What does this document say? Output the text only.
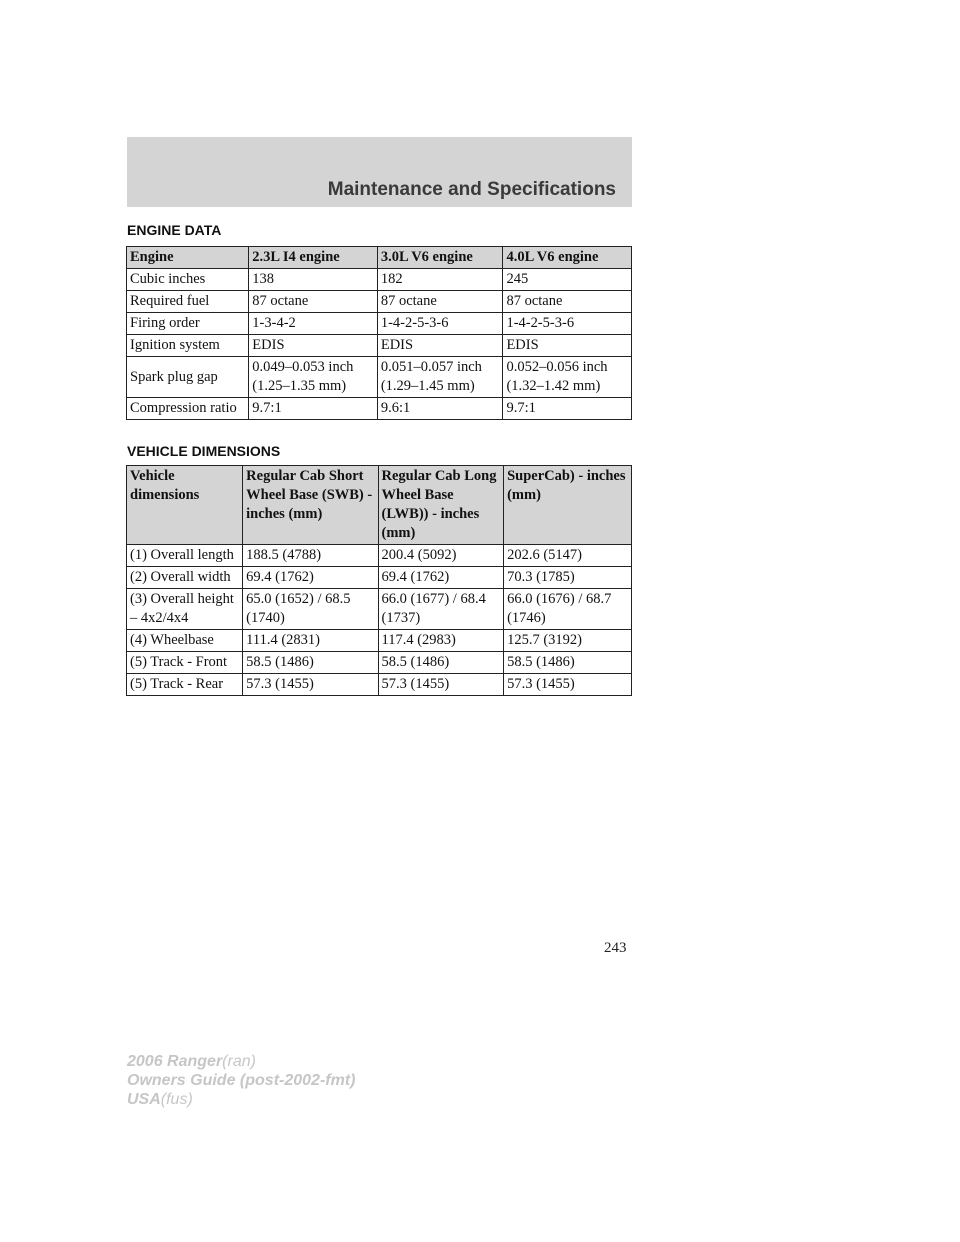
Maintenance and Specifications
ENGINE DATA
Engine	2.3L I4 engine	3.0L V6 engine	4.0L V6 engine
Cubic inches	138	182	245
Required fuel	87 octane	87 octane	87 octane
Firing order	1-3-4-2	1-4-2-5-3-6	1-4-2-5-3-6
Ignition system	EDIS	EDIS	EDIS
Spark plug gap	0.049–0.053 inch (1.25–1.35 mm)	0.051–0.057 inch (1.29–1.45 mm)	0.052–0.056 inch (1.32–1.42 mm)
Compression ratio	9.7:1	9.6:1	9.7:1
VEHICLE DIMENSIONS
Vehicle dimensions	Regular Cab Short Wheel Base (SWB) - inches (mm)	Regular Cab Long Wheel Base (LWB)) - inches (mm)	SuperCab) - inches (mm)
(1) Overall length	188.5 (4788)	200.4 (5092)	202.6 (5147)
(2) Overall width	69.4 (1762)	69.4 (1762)	70.3 (1785)
(3) Overall height – 4x2/4x4	65.0 (1652) / 68.5 (1740)	66.0 (1677) / 68.4 (1737)	66.0 (1676) / 68.7 (1746)
(4) Wheelbase	111.4 (2831)	117.4 (2983)	125.7 (3192)
(5) Track - Front	58.5 (1486)	58.5 (1486)	58.5 (1486)
(5) Track - Rear	57.3 (1455)	57.3 (1455)	57.3 (1455)
243
2006 Ranger(ran)
Owners Guide (post-2002-fmt)
USA(fus)
